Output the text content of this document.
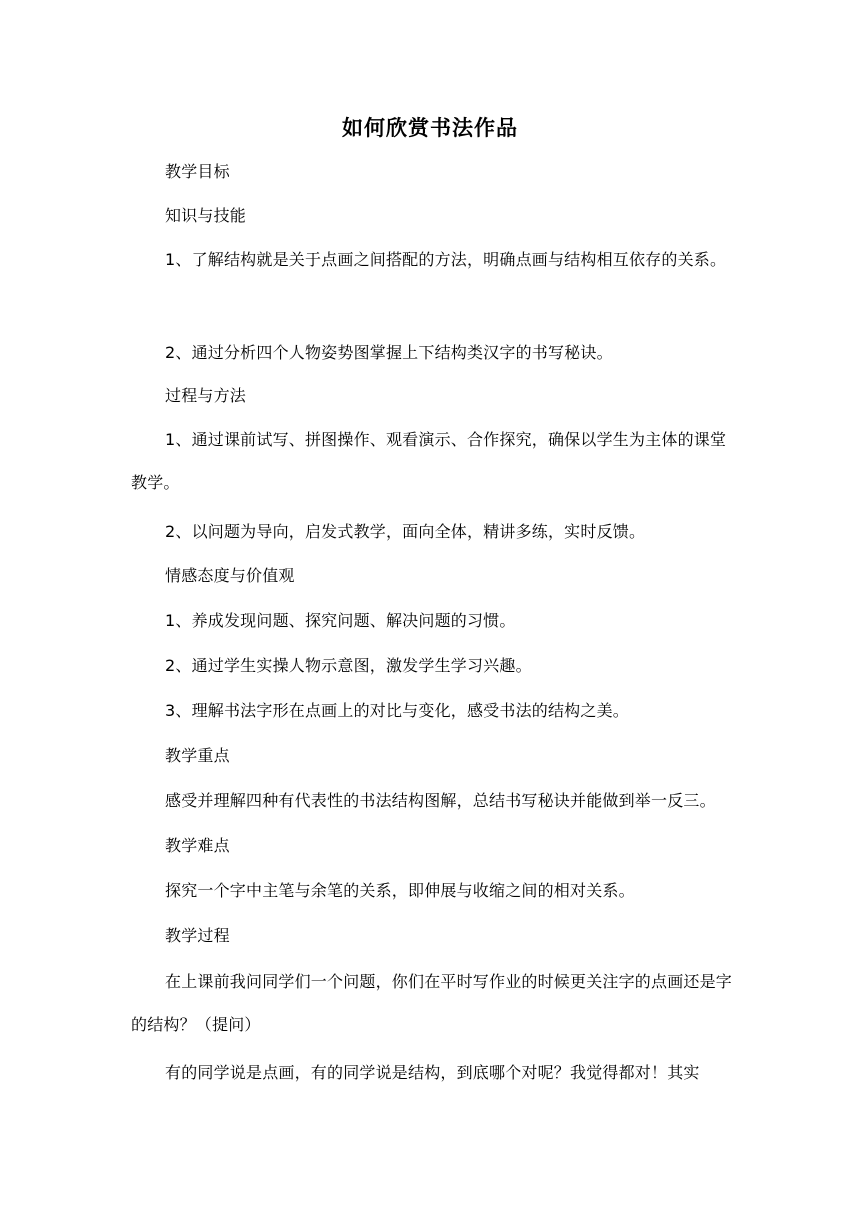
如何欣赏书法作品

教学目标

知识与技能

1、了解结构就是关于点画之间搭配的方法，明确点画与结构相互依存的关系。

2、通过分析四个人物姿势图掌握上下结构类汉字的书写秘诀。

过程与方法

1、通过课前试写、拼图操作、观看演示、合作探究，确保以学生为主体的课堂教学。

2、以问题为导向，启发式教学，面向全体，精讲多练，实时反馈。

情感态度与价值观

1、养成发现问题、探究问题、解决问题的习惯。

2、通过学生实操人物示意图，激发学生学习兴趣。

3、理解书法字形在点画上的对比与变化，感受书法的结构之美。

教学重点

感受并理解四种有代表性的书法结构图解，总结书写秘诀并能做到举一反三。

教学难点

探究一个字中主笔与余笔的关系，即伸展与收缩之间的相对关系。

教学过程

在上课前我问同学们一个问题，你们在平时写作业的时候更关注字的点画还是字的结构？（提问）

有的同学说是点画，有的同学说是结构，到底哪个对呢？我觉得都对！其实
